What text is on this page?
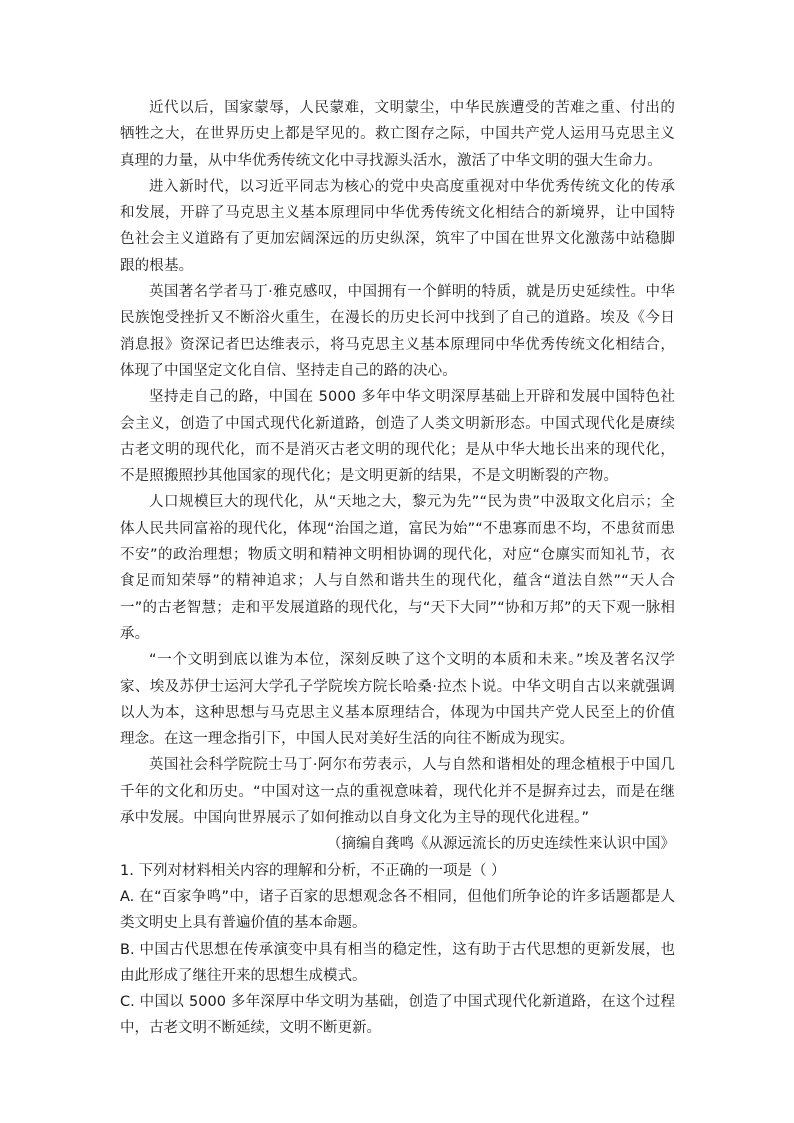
近代以后，国家蒙辱，人民蒙难，文明蒙尘，中华民族遭受的苦难之重、付出的牺牲之大，在世界历史上都是罕见的。救亡图存之际，中国共产党人运用马克思主义真理的力量，从中华优秀传统文化中寻找源头活水，激活了中华文明的强大生命力。

进入新时代，以习近平同志为核心的党中央高度重视对中华优秀传统文化的传承和发展，开辟了马克思主义基本原理同中华优秀传统文化相结合的新境界，让中国特色社会主义道路有了更加宏阔深远的历史纵深，筑牢了中国在世界文化激荡中站稳脚跟的根基。

英国著名学者马丁·雅克感叹，中国拥有一个鲜明的特质，就是历史延续性。中华民族饱受挫折又不断浴火重生，在漫长的历史长河中找到了自己的道路。埃及《今日消息报》资深记者巴达维表示，将马克思主义基本原理同中华优秀传统文化相结合，体现了中国坚定文化自信、坚持走自己的路的决心。

坚持走自己的路，中国在 5000 多年中华文明深厚基础上开辟和发展中国特色社会主义，创造了中国式现代化新道路，创造了人类文明新形态。中国式现代化是赓续古老文明的现代化，而不是消灭古老文明的现代化；是从中华大地长出来的现代化，不是照搬照抄其他国家的现代化；是文明更新的结果，不是文明断裂的产物。

人口规模巨大的现代化，从“天地之大，黎元为先”“民为贵”中汲取文化启示；全体人民共同富裕的现代化，体现“治国之道，富民为始”“不患寡而患不均，不患贫而患不安”的政治理想；物质文明和精神文明相协调的现代化，对应“仓廪实而知礼节，衣食足而知荣辱”的精神追求；人与自然和谐共生的现代化，蕴含“道法自然”“天人合一”的古老智慧；走和平发展道路的现代化，与“天下大同”“协和万邦”的天下观一脉相承。

“一个文明到底以谁为本位，深刻反映了这个文明的本质和未来。”埃及著名汉学家、埃及苏伊士运河大学孔子学院埃方院长哈桑·拉杰卜说。中华文明自古以来就强调以人为本，这种思想与马克思主义基本原理结合，体现为中国共产党人民至上的价值理念。在这一理念指引下，中国人民对美好生活的向往不断成为现实。

英国社会科学院院士马丁·阿尔布劳表示，人与自然和谐相处的理念植根于中国几千年的文化和历史。“中国对这一点的重视意味着，现代化并不是摒弃过去，而是在继承中发展。中国向世界展示了如何推动以自身文化为主导的现代化进程。”

（摘编自龚鸣《从源远流长的历史连续性来认识中国》

1. 下列对材料相关内容的理解和分析，不正确的一项是（ ）

A. 在“百家争鸣”中，诸子百家的思想观念各不相同，但他们所争论的许多话题都是人类文明史上具有普遍价值的基本命题。

B. 中国古代思想在传承演变中具有相当的稳定性，这有助于古代思想的更新发展，也由此形成了继往开来的思想生成模式。

C. 中国以 5000 多年深厚中华文明为基础，创造了中国式现代化新道路，在这个过程中，古老文明不断延续，文明不断更新。
